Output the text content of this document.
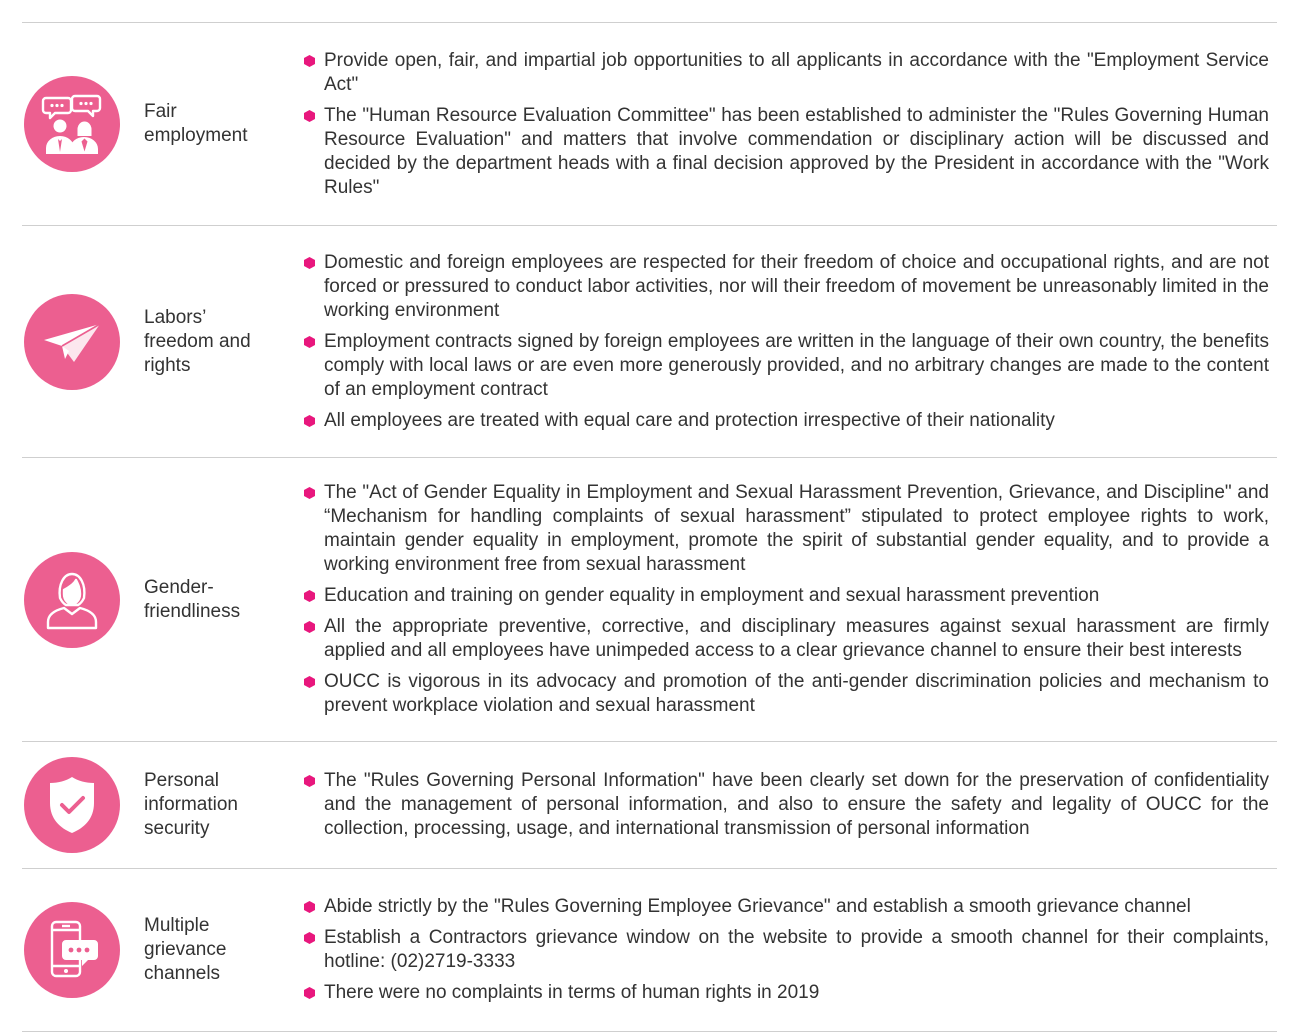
Fair
employment

Provide open, fair, and impartial job opportunities to all applicants in accordance with the "Employment Service Act"

The "Human Resource Evaluation Committee" has been established to administer the "Rules Governing Human Resource Evaluation" and matters that involve commendation or disciplinary action will be discussed and decided by the department heads with a final decision approved by the President in accordance with the "Work Rules"

Labors’
freedom and
rights

Domestic and foreign employees are respected for their freedom of choice and occupational rights, and are not forced or pressured to conduct labor activities, nor will their freedom of movement be unreasonably limited in the working environment

Employment contracts signed by foreign employees are written in the language of their own country, the benefits comply with local laws or are even more generously provided, and no arbitrary changes are made to the content of an employment contract

All employees are treated with equal care and protection irrespective of their nationality

Gender-
friendliness

The "Act of Gender Equality in Employment and Sexual Harassment Prevention, Grievance, and Discipline" and “Mechanism for handling complaints of sexual harassment” stipulated to protect employee rights to work, maintain gender equality in employment, promote the spirit of substantial gender equality, and to provide a working environment free from sexual harassment

Education and training on gender equality in employment and sexual harassment prevention

All the appropriate preventive, corrective, and disciplinary measures against sexual harassment are firmly applied and all employees have unimpeded access to a clear grievance channel to ensure their best interests

OUCC is vigorous in its advocacy and promotion of the anti-gender discrimination policies and mechanism to prevent workplace violation and sexual harassment

Personal
information
security

The "Rules Governing Personal Information" have been clearly set down for the preservation of confidentiality and the management of personal information, and also to ensure the safety and legality of OUCC for the collection, processing, usage, and international transmission of personal information

Multiple
grievance
channels

Abide strictly by the "Rules Governing Employee Grievance" and establish a smooth grievance channel

Establish a Contractors grievance window on the website to provide a smooth channel for their complaints, hotline: (02)2719-3333

There were no complaints in terms of human rights in 2019
